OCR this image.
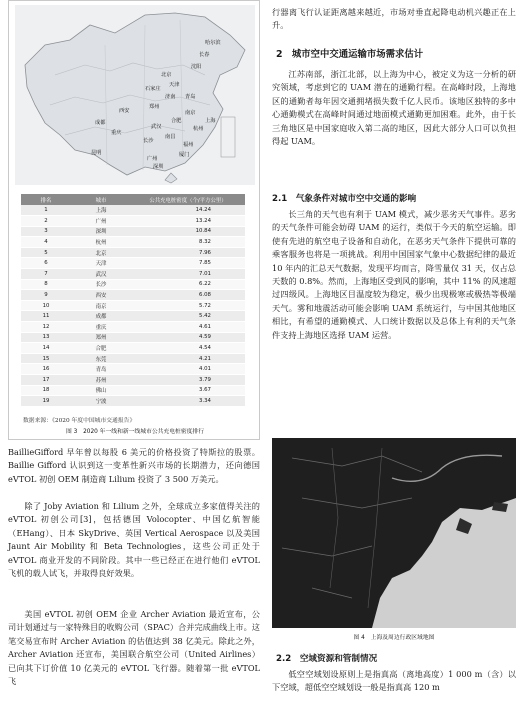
哈尔滨
长春
沈阳
北京
天津
石家庄
济南 青岛
郑州
西安	南京
上海
合肥
杭州
武汉
重庆
成都
长沙
福州
南昌
昆明	厦门
广州
深圳
排名	城市	公共充电桩密度（个/平方公里）
1	上海	14.24
2	广州	13.24
3	深圳	10.84
4	杭州	8.32
5	北京	7.96
6	天津	7.85
7	武汉	7.01
8	长沙	6.22
9	西安	6.08
10	南京	5.72
11	成都	5.42
12	重庆	4.61
13	郑州	4.59
14	合肥	4.54
15	东莞	4.21
16	青岛	4.01
17	苏州	3.79
18	佛山	3.67
19	宁波	3.34
数据来源：《2020 年度中国城市交通报告》
图 3　2020 年一线和新一线城市公共充电桩密度排行

BaillieGifford 早年曾以每股 6 美元的价格投资了特斯拉的股票。Baillie Gifford 认识到这一变革性新兴市场的长期潜力，还向德国 eVTOL 初创 OEM 制造商 Lilium 投资了 3 500 万美元。

除了 Joby Aviation 和 Lilium 之外，全球成立多家值得关注的 eVTOL 初创公司[3]，包括德国 Volocopter、中国亿航智能（EHang）、日本 SkyDrive、英国 Vertical Aerospace 以及美国 Jaunt Air Mobility 和 Beta Technologies，这些公司正处于 eVTOL 商业开发的不同阶段。其中一些已经正在进行他们 eVTOL 飞机的载人试飞，并取得良好效果。

美国 eVTOL 初创 OEM 企业 Archer Aviation 最近宣布，公司计划通过与一家特殊目的收购公司（SPAC）合并完成曲线上市。这笔交易宣布时 Archer Aviation 的估值达到 38 亿美元。除此之外，Archer Aviation 还宣布，美国联合航空公司（United Airlines）已向其下订价值 10 亿美元的 eVTOL 飞行器。随着第一批 eVTOL 飞

行器离飞行认证距离越来越近，市场对垂直起降电动机兴趣正在上升。

2　城市空中交通运输市场需求估计

江苏南部，浙江北部，以上海为中心，被定义为这一分析的研究领域，考虑到它的 UAM 潜在的通勤行程。在高峰时段，上海地区的通勤者每年因交通拥堵损失数千亿人民币。该地区独特的多中心通勤模式在高峰时间通过地面模式通勤更加困难。此外，由于长三角地区是中国家庭收入第二高的地区，因此大部分人口可以负担得起 UAM。

2.1　气象条件对城市空中交通的影响

长三角的天气也有利于 UAM 模式，减少恶劣天气事件。恶劣的天气条件可能会妨碍 UAM 的运行，类似于今天的航空运输。即使有先进的航空电子设备和自动化，在恶劣天气条件下提供可靠的乘客服务也将是一项挑战。利用中国国家气象中心数据纪律的最近 10 年内的汇总天气数据，发现平均而言，降雪量仅 31 天，仅占总天数的 0.8%。然而，上海地区受到风的影响，其中 11% 的风速超过四级风。上海地区目温度较为稳定，极少出现极寒或极热等极端天气。雾和地震活动可能会影响 UAM 系统运行，与中国其他地区相比，有希望的通勤模式、人口统计数据以及总体上有利的天气条件支持上海地区选择 UAM 运营。

图 4　上海及周边行政区域地图
2.2　空域资源和管制情况

低空空域划设原则上是指真高（离地高度）1 000 m（含）以下空域，超低空空域划设一般是指真高 120 m
